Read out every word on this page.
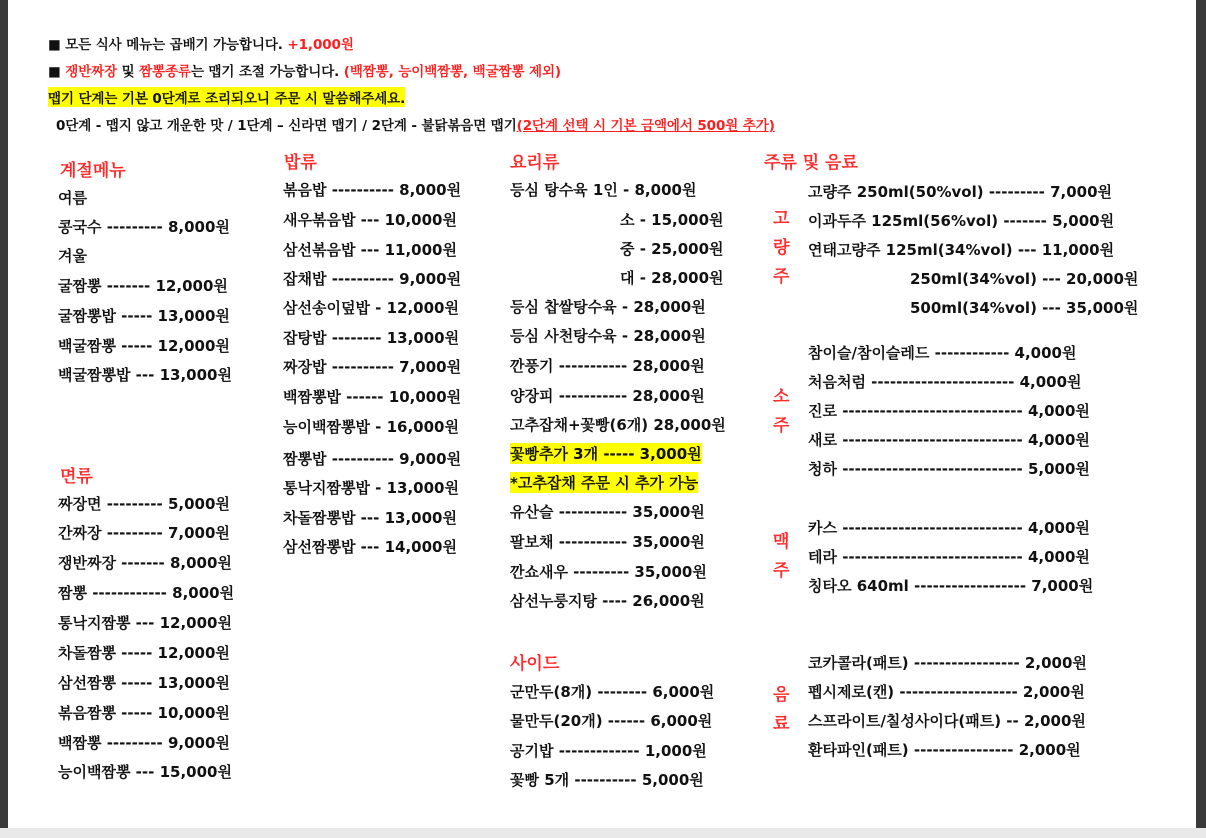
■ 모든 식사 메뉴는 곱배기 가능합니다. +1,000원
■ 쟁반짜장 및 짬뽕종류는 맵기 조절 가능합니다. (백짬뽕, 능이백짬뽕, 백굴짬뽕 제외)
맵기 단계는 기본 0단계로 조리되오니 주문 시 말씀해주세요.
0단계 - 맵지 않고 개운한 맛 / 1단계 – 신라면 맵기 / 2단계 - 불닭볶음면 맵기(2단계 선택 시 기본 금액에서 500원 추가)
계절메뉴
여름
콩국수 --------- 8,000원
겨울
굴짬뽕 ------- 12,000원
굴짬뽕밥 ----- 13,000원
백굴짬뽕 ----- 12,000원
백굴짬뽕밥 --- 13,000원
면류
짜장면 --------- 5,000원
간짜장 --------- 7,000원
쟁반짜장 ------- 8,000원
짬뽕 ------------ 8,000원
통낙지짬뽕 --- 12,000원
차돌짬뽕 ----- 12,000원
삼선짬뽕 ----- 13,000원
볶음짬뽕 ----- 10,000원
백짬뽕 --------- 9,000원
능이백짬뽕 --- 15,000원
밥류
볶음밥 ---------- 8,000원
새우볶음밥 --- 10,000원
삼선볶음밥 --- 11,000원
잡채밥 ---------- 9,000원
삼선송이덮밥 - 12,000원
잡탕밥 -------- 13,000원
짜장밥 ---------- 7,000원
백짬뽕밥 ------ 10,000원
능이백짬뽕밥 - 16,000원
짬뽕밥 ---------- 9,000원
통낙지짬뽕밥 - 13,000원
차돌짬뽕밥 --- 13,000원
삼선짬뽕밥 --- 14,000원
요리류
등심 탕수육 1인 - 8,000원
소 - 15,000원
중 - 25,000원
대 - 28,000원
등심 찹쌀탕수육 - 28,000원
등심 사천탕수육 - 28,000원
깐풍기 ----------- 28,000원
양장피 ----------- 28,000원
고추잡채+꽃빵(6개) 28,000원
꽃빵추가 3개 ----- 3,000원
*고추잡채 주문 시 추가 가능
유산슬 ----------- 35,000원
팔보채 ----------- 35,000원
깐쇼새우 --------- 35,000원
삼선누룽지탕 ---- 26,000원
사이드
군만두(8개) -------- 6,000원
물만두(20개) ------ 6,000원
공기밥 ------------- 1,000원
꽃빵 5개 ---------- 5,000원
주류 및 음료
고량주
고량주 250ml(50%vol) --------- 7,000원
이과두주 125ml(56%vol) ------- 5,000원
연태고량주 125ml(34%vol) --- 11,000원
250ml(34%vol) --- 20,000원
500ml(34%vol) --- 35,000원
소주
참이슬/참이슬레드 ------------ 4,000원
처음처럼 ----------------------- 4,000원
진로 ----------------------------- 4,000원
새로 ----------------------------- 4,000원
청하 ----------------------------- 5,000원
맥주
카스 ----------------------------- 4,000원
테라 ----------------------------- 4,000원
칭타오 640ml ------------------ 7,000원
음료
코카콜라(패트) ----------------- 2,000원
펩시제로(캔) ------------------- 2,000원
스프라이트/칠성사이다(패트) -- 2,000원
환타파인(패트) ---------------- 2,000원
